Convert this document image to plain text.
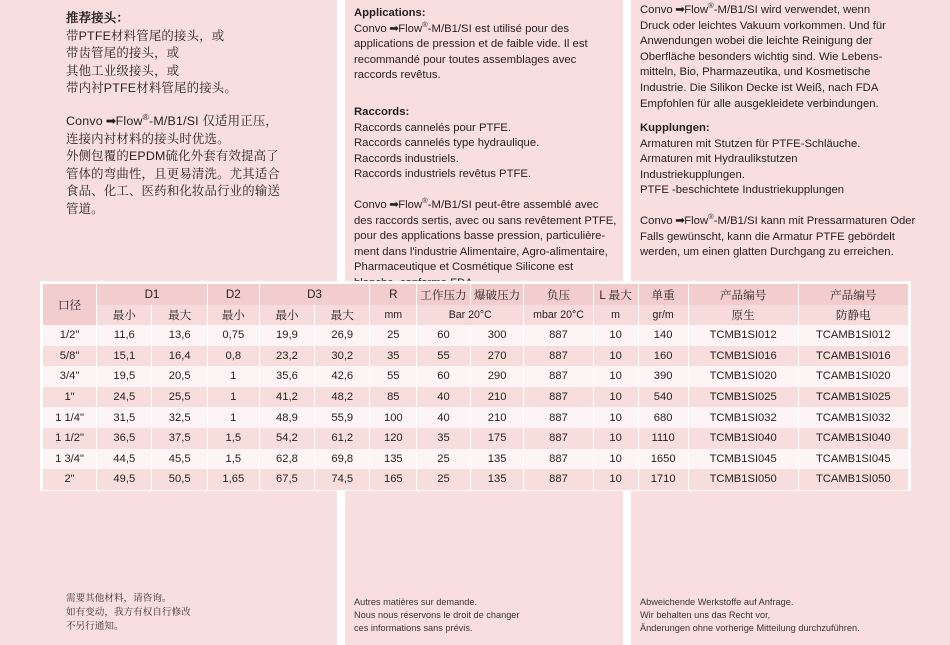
推荐接头：
带PTFE材料管尾的接头，或
带齿管尾的接头，或
其他工业级接头，或
带内衬PTFE材料管尾的接头。
Convo ➡Flow®-M/B1/SI 仅适用正压，
连接内衬材料的接头时优选。
外侧包覆的EPDM硫化外套有效提高了
管体的弯曲性，且更易清洗。尤其适合
食品、化工、医药和化妆品行业的输送
管道。
需要其他材料，请咨询。
如有变动，我方有权自行修改
不另行通知。
Applications:
Convo ➡Flow®-M/B1/SI est utilisé pour des
applications de pression et de faible vide. Il est
recommandé pour toutes assemblages avec
raccords revêtus.
Raccords:
Raccords cannelés pour PTFE.
Raccords cannelés type hydraulique.
Raccords industriels.
Raccords industriels revêtus PTFE.
Convo ➡Flow®-M/B1/SI peut-être assemblé avec
des raccords sertis, avec ou sans revêtement PTFE,
pour des applications basse pression, particulière-
ment dans l'industrie Alimentaire, Agro-alimentaire,
Pharmaceutique et Cosmétique Silicone est
Autres matières sur demande.
Nous nous réservons le droit de changer
ces informations sans prévis.
Convo ➡Flow®-M/B1/SI wird verwendet, wenn
Druck oder leichtes Vakuum vorkommen. Und für
Anwendungen wobei die leichte Reinigung der
Oberfläche besonders wichtig sind. Wie Lebens-
mitteln, Bio, Pharmazeutika, und Kosmetische
Industrie. Die Silikon Decke ist Weiß, nach FDA
Empfohlen für alle ausgekleidete verbindungen.
Kupplungen:
Armaturen mit Stutzen für PTFE-Schläuche.
Armaturen mit Hydraulikstutzen
Industriekupplungen.
PTFE -beschichtete Industriekupplungen
Convo ➡Flow®-M/B1/SI kann mit Pressarmaturen Oder
Falls gewünscht, kann die Armatur PTFE gebördelt
werden, um einen glatten Durchgang zu erreichen.
Abweichende Werkstoffe auf Anfrage.
Wir behalten uns das Recht vor,
Änderungen ohne vorherige Mitteilung durchzuführen.
口径	D1		D2	D3		R	工作压力	爆破压力	负压	L 最大	单重	产品编号	产品编号
	最小	最大	最小	最小	最大	mm	Bar 20°C		mbar 20°C	m	gr/m	原生	防静电
1/2"	11,6	13,6	0,75	19,9	26,9	25	60	300	887	10	140	TCMB1SI012	TCAMB1SI012
5/8"	15,1	16,4	0,8	23,2	30,2	35	55	270	887	10	160	TCMB1SI016	TCAMB1SI016
3/4"	19,5	20,5	1	35,6	42,6	55	60	290	887	10	390	TCMB1SI020	TCAMB1SI020
1"	24,5	25,5	1	41,2	48,2	85	40	210	887	10	540	TCMB1SI025	TCAMB1SI025
1 1/4"	31,5	32,5	1	48,9	55,9	100	40	210	887	10	680	TCMB1SI032	TCAMB1SI032
1 1/2"	36,5	37,5	1,5	54,2	61,2	120	35	175	887	10	1110	TCMB1SI040	TCAMB1SI040
1 3/4"	44,5	45,5	1,5	62,8	69,8	135	25	135	887	10	1650	TCMB1SI045	TCAMB1SI045
2"	49,5	50,5	1,65	67,5	74,5	165	25	135	887	10	1710	TCMB1SI050	TCAMB1SI050
